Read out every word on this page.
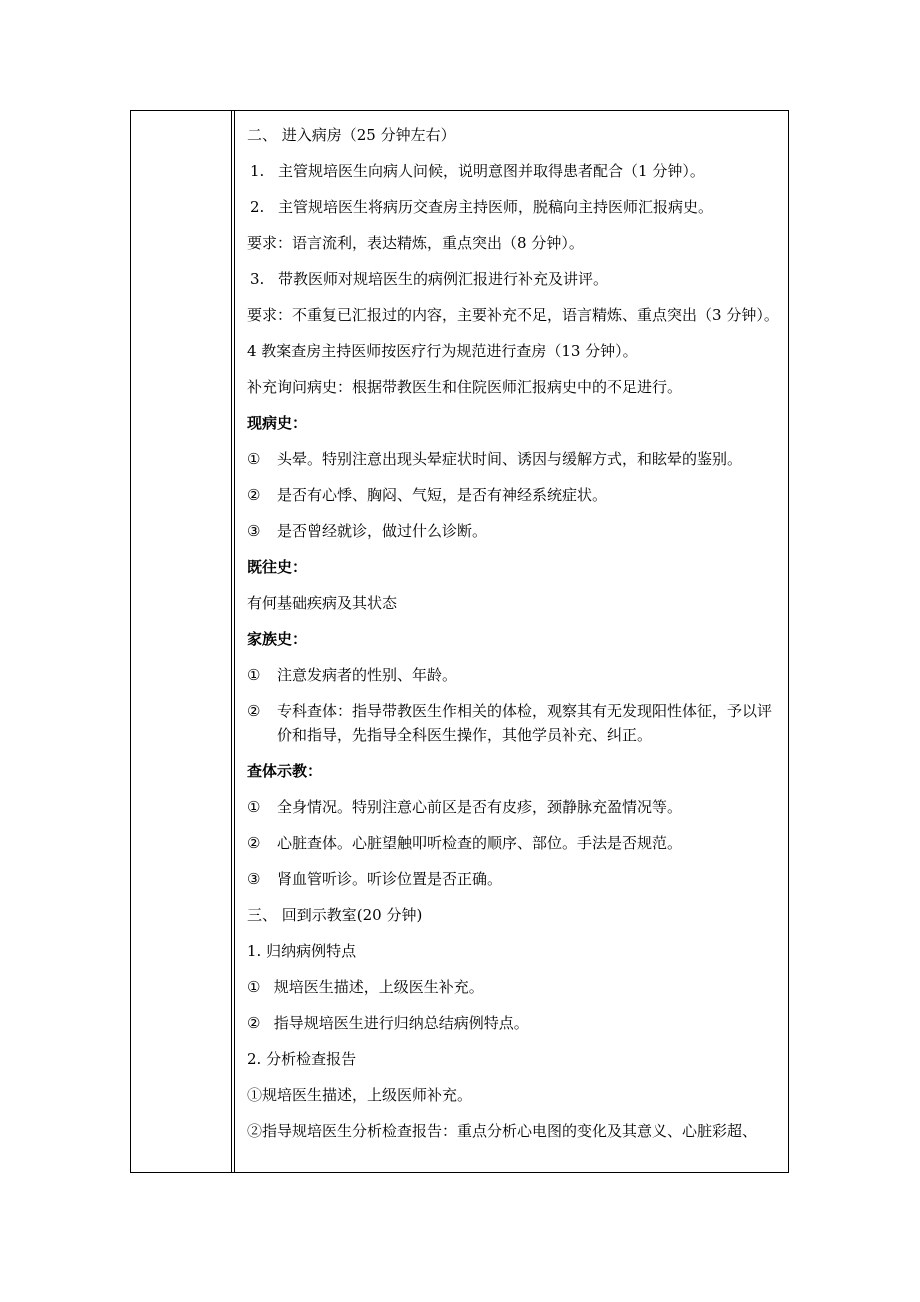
二、 进入病房（25 分钟左右）

1. 主管规培医生向病人问候，说明意图并取得患者配合（1 分钟）。

2. 主管规培医生将病历交查房主持医师，脱稿向主持医师汇报病史。

要求：语言流利，表达精炼，重点突出（8 分钟）。

3. 带教医师对规培医生的病例汇报进行补充及讲评。

要求：不重复已汇报过的内容，主要补充不足，语言精炼、重点突出（3 分钟）。

4 教案查房主持医师按医疗行为规范进行查房（13 分钟）。

补充询问病史：根据带教医生和住院医师汇报病史中的不足进行。

现病史：

① 头晕。特别注意出现头晕症状时间、诱因与缓解方式，和眩晕的鉴别。

② 是否有心悸、胸闷、气短，是否有神经系统症状。

③ 是否曾经就诊，做过什么诊断。

既往史：

有何基础疾病及其状态

家族史：

① 注意发病者的性别、年龄。

②	专科查体：指导带教医生作相关的体检，观察其有无发现阳性体征，予以评价和指导，先指导全科医生操作，其他学员补充、纠正。

查体示教：

① 全身情况。特别注意心前区是否有皮疹，颈静脉充盈情况等。

② 心脏查体。心脏望触叩听检查的顺序、部位。手法是否规范。

③ 肾血管听诊。听诊位置是否正确。

三、 回到示教室(20 分钟)

1. 归纳病例特点

① 规培医生描述，上级医生补充。

② 指导规培医生进行归纳总结病例特点。

2. 分析检查报告

①规培医生描述，上级医师补充。

②指导规培医生分析检查报告：重点分析心电图的变化及其意义、心脏彩超、
